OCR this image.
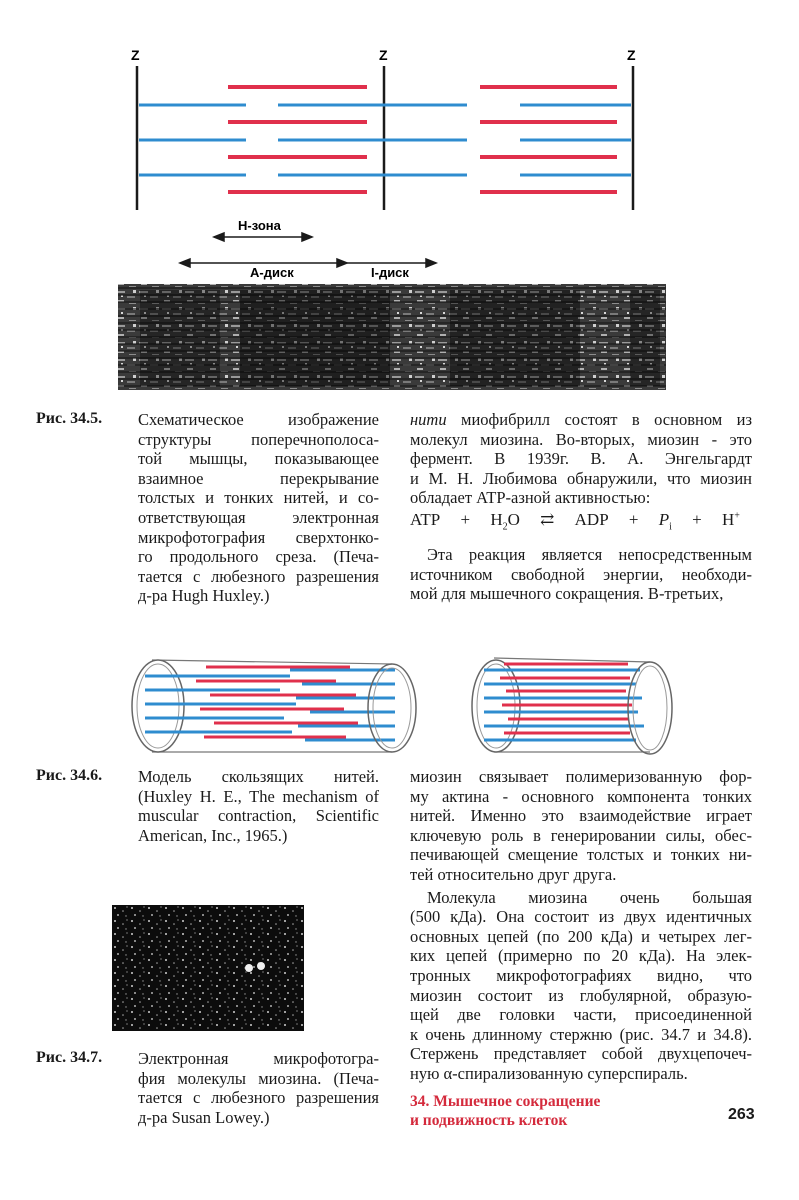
Z	Z	Z
H-зона
А-диск	I-диск
Рис. 34.5. Схематическое изображение
структуры поперечнополоса-
той мышцы, показывающее
взаимное перекрывание
толстых и тонких нитей, и со-
ответствующая электронная
микрофотография сверхтонко-
го продольного среза. (Печа-
тается с любезного разрешения
д-ра Hugh Huxley.)
нити миофибрилл состоят в основном из
молекул миозина. Во-вторых, миозин - это
фермент. В 1939г. В. А. Энгельгардт
и М. Н. Любимова обнаружили, что миозин
обладает ATP-азной активностью:
ATP + $H_2O$ ⇄ ADP + $P_i + H^+$
Эта реакция является непосредственным
источником свободной энергии, необходи-
мой для мышечного сокращения. В-третьих,
Рис. 34.6. Модель скользящих нитей.
(Huxley H. E., The mechanism of
muscular contraction, Scientific
American, Inc., 1965.)
миозин связывает полимеризованную фор-
му актина - основного компонента тонких
нитей. Именно это взаимодействие играет
ключевую роль в генерировании силы, обес-
печивающей смещение толстых и тонких ни-
тей относительно друг друга.
Молекула миозина очень большая
(500 кДа). Она состоит из двух идентичных
основных цепей (по 200 кДа) и четырех лег-
ких цепей (примерно по 20 кДа). На элек-
тронных микрофотографиях видно, что
миозин состоит из глобулярной, образую-
щей две головки части, присоединенной
к очень длинному стержню (рис. 34.7 и 34.8).
Стержень представляет собой двухцепочеч-
ную α-спирализованную суперспираль.
Рис. 34.7. Электронная микрофотогра-
фия молекулы миозина. (Печа-
тается с любезного разрешения
д-ра Susan Lowey.)
34. Мышечное сокращение
и подвижность клеток	263
